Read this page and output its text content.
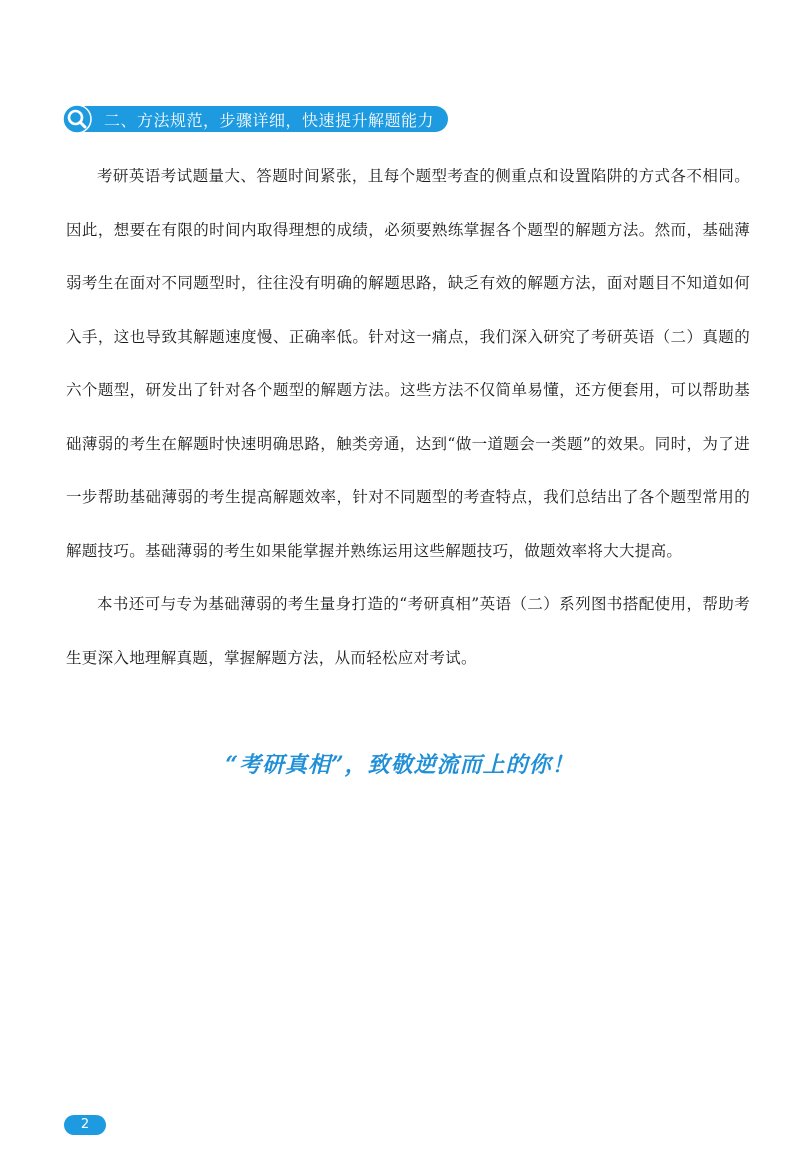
二、方法规范，步骤详细，快速提升解题能力

考研英语考试题量大、答题时间紧张，且每个题型考查的侧重点和设置陷阱的方式各不相同。因此，想要在有限的时间内取得理想的成绩，必须要熟练掌握各个题型的解题方法。然而，基础薄弱考生在面对不同题型时，往往没有明确的解题思路，缺乏有效的解题方法，面对题目不知道如何入手，这也导致其解题速度慢、正确率低。针对这一痛点，我们深入研究了考研英语（二）真题的六个题型，研发出了针对各个题型的解题方法。这些方法不仅简单易懂，还方便套用，可以帮助基础薄弱的考生在解题时快速明确思路，触类旁通，达到“做一道题会一类题”的效果。同时，为了进一步帮助基础薄弱的考生提高解题效率，针对不同题型的考查特点，我们总结出了各个题型常用的解题技巧。基础薄弱的考生如果能掌握并熟练运用这些解题技巧，做题效率将大大提高。

本书还可与专为基础薄弱的考生量身打造的“考研真相”英语（二）系列图书搭配使用，帮助考生更深入地理解真题，掌握解题方法，从而轻松应对考试。

“考研真相”，致敬逆流而上的你！
2
